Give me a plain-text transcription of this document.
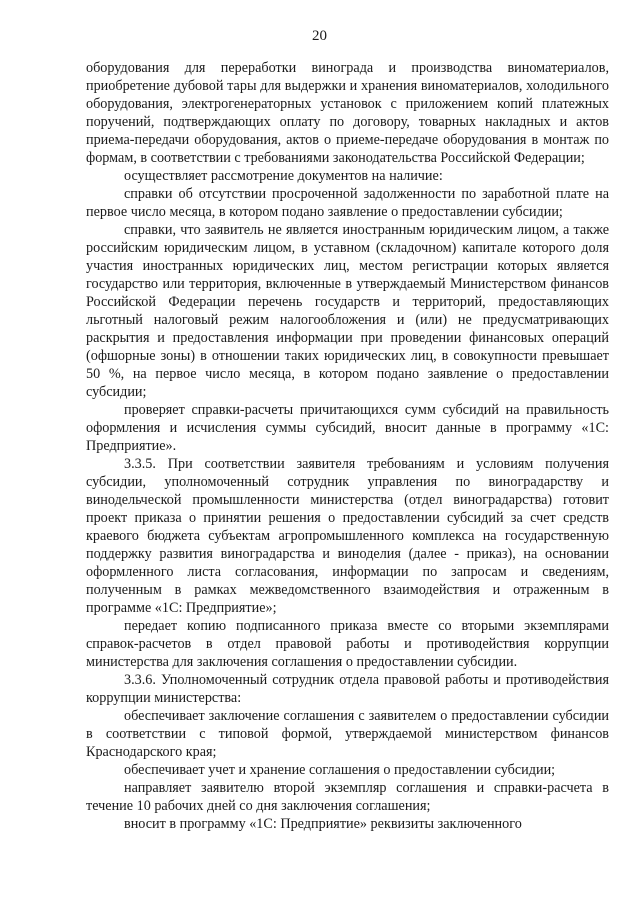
20

оборудования для переработки винограда и производства виноматериалов, приобретение дубовой тары для выдержки и хранения виноматериалов, холодильного оборудования, электрогенераторных установок с приложением копий платежных поручений, подтверждающих оплату по договору, товарных накладных и актов приема-передачи оборудования, актов о приеме-передаче оборудования в монтаж по формам, в соответствии с требованиями законодательства Российской Федерации;

осуществляет рассмотрение документов на наличие:

справки об отсутствии просроченной задолженности по заработной плате на первое число месяца, в котором подано заявление о предоставлении субсидии;

справки, что заявитель не является иностранным юридическим лицом, а также российским юридическим лицом, в уставном (складочном) капитале которого доля участия иностранных юридических лиц, местом регистрации которых является государство или территория, включенные в утверждаемый Министерством финансов Российской Федерации перечень государств и территорий, предоставляющих льготный налоговый режим налогообложения и (или) не предусматривающих раскрытия и предоставления информации при проведении финансовых операций (офшорные зоны) в отношении таких юридических лиц, в совокупности превышает 50 %, на первое число месяца, в котором подано заявление о предоставлении субсидии;

проверяет справки-расчеты причитающихся сумм субсидий на правильность оформления и исчисления суммы субсидий, вносит данные в программу «1С: Предприятие».

3.3.5. При соответствии заявителя требованиям и условиям получения субсидии, уполномоченный сотрудник управления по виноградарству и винодельческой промышленности министерства (отдел виноградарства) готовит проект приказа о принятии решения о предоставлении субсидий за счет средств краевого бюджета субъектам агропромышленного комплекса на государственную поддержку развития виноградарства и виноделия (далее - приказ), на основании оформленного листа согласования, информации по запросам и сведениям, полученным в рамках межведомственного взаимодействия и отраженным в программе «1С: Предприятие»;

передает копию подписанного приказа вместе со вторыми экземплярами справок-расчетов в отдел правовой работы и противодействия коррупции министерства для заключения соглашения о предоставлении субсидии.

3.3.6. Уполномоченный сотрудник отдела правовой работы и противодействия коррупции министерства:

обеспечивает заключение соглашения с заявителем о предоставлении субсидии в соответствии с типовой формой, утверждаемой министерством финансов Краснодарского края;

обеспечивает учет и хранение соглашения о предоставлении субсидии;

направляет заявителю второй экземпляр соглашения и справки-расчета в течение 10 рабочих дней со дня заключения соглашения;

вносит в программу «1С: Предприятие» реквизиты заключенного
